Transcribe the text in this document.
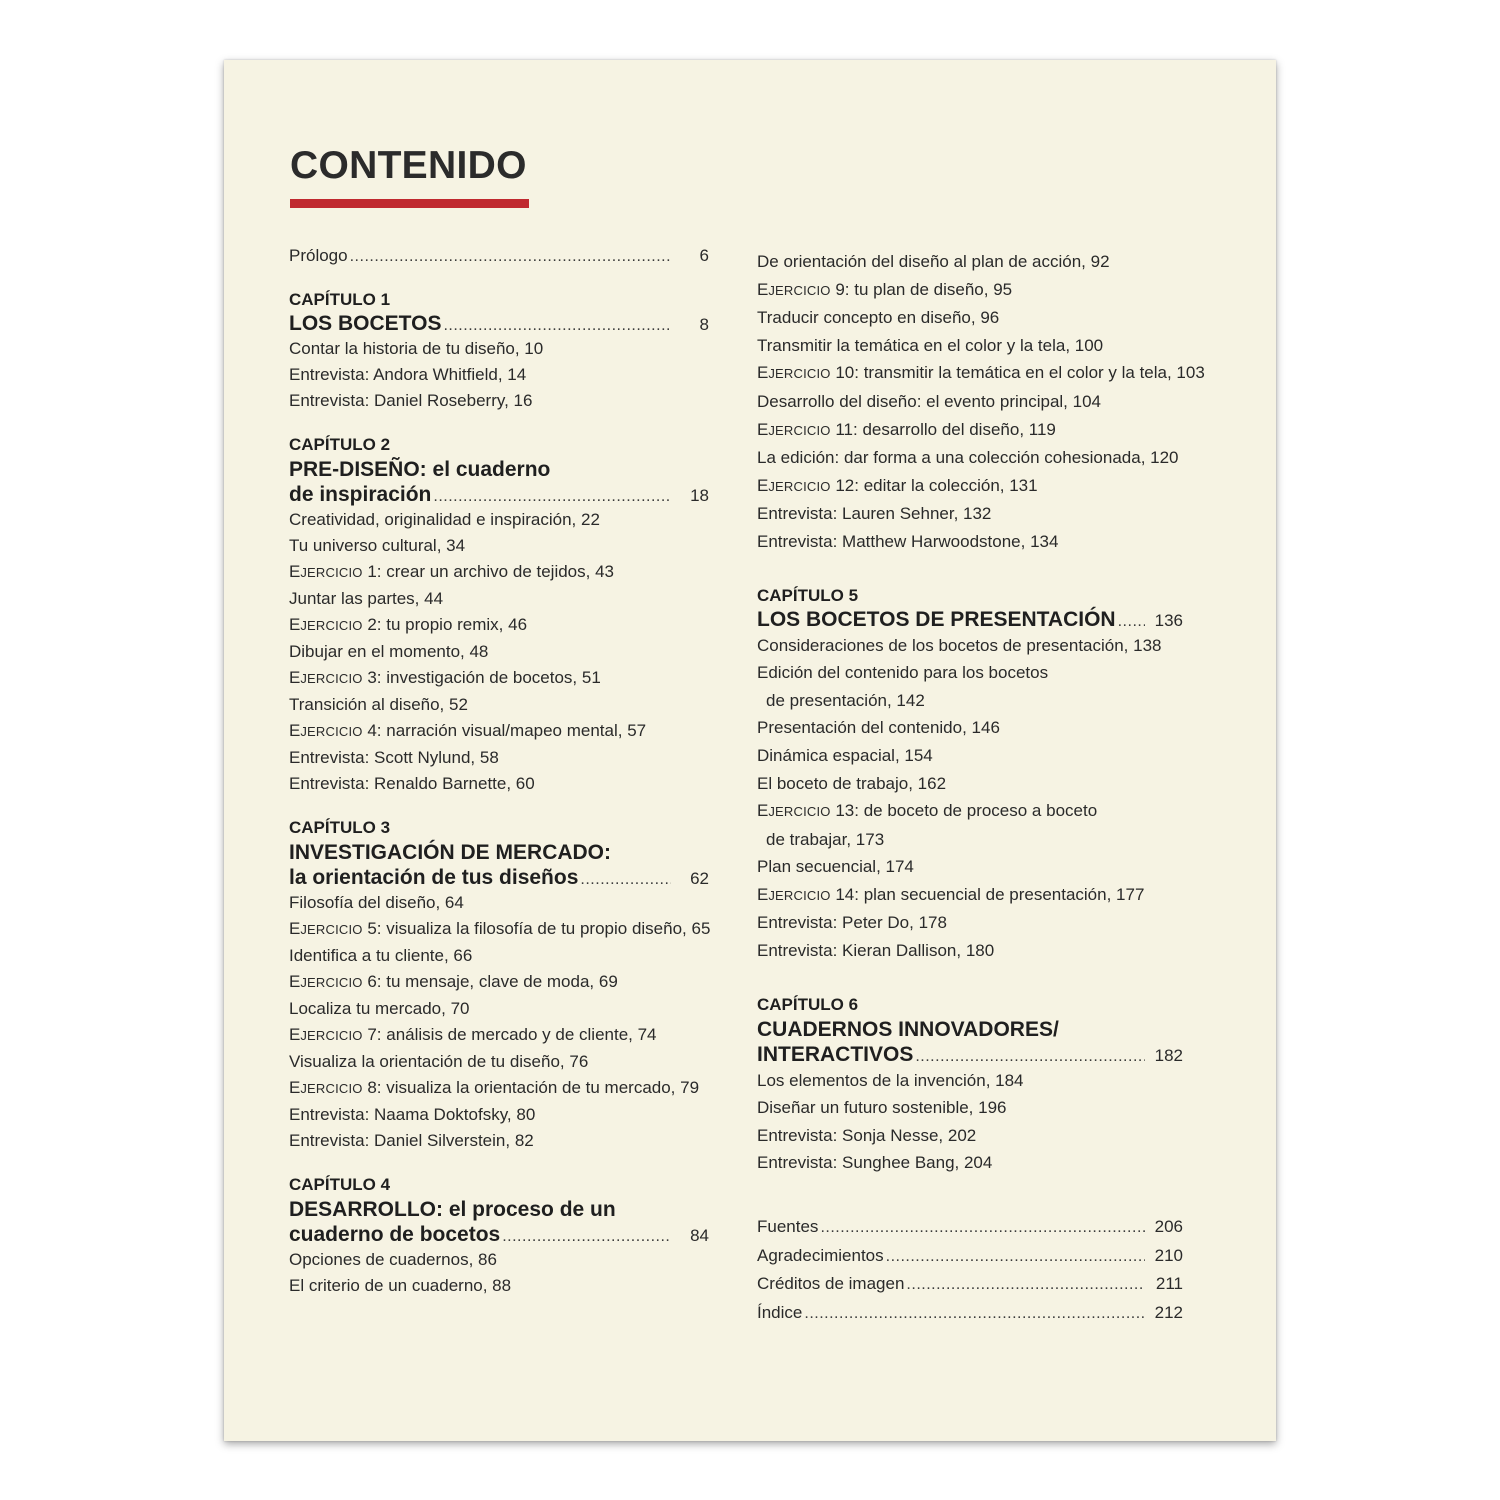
CONTENIDO
Prólogo .....	6
CAPÍTULO 1
LOS BOCETOS .....	8
Contar la historia de tu diseño, 10
Entrevista: Andora Whitfield, 14
Entrevista: Daniel Roseberry, 16
CAPÍTULO 2
PRE-DISEÑO: el cuaderno
de inspiración .....	18
Creatividad, originalidad e inspiración, 22
Tu universo cultural, 34
EJERCICIO 1: crear un archivo de tejidos, 43
Juntar las partes, 44
EJERCICIO 2: tu propio remix, 46
Dibujar en el momento, 48
EJERCICIO 3: investigación de bocetos, 51
Transición al diseño, 52
EJERCICIO 4: narración visual/mapeo mental, 57
Entrevista: Scott Nylund, 58
Entrevista: Renaldo Barnette, 60
CAPÍTULO 3
INVESTIGACIÓN DE MERCADO:
la orientación de tus diseños .....	62
Filosofía del diseño, 64
EJERCICIO 5: visualiza la filosofía de tu propio diseño, 65
Identifica a tu cliente, 66
EJERCICIO 6: tu mensaje, clave de moda, 69
Localiza tu mercado, 70
EJERCICIO 7: análisis de mercado y de cliente, 74
Visualiza la orientación de tu diseño, 76
EJERCICIO 8: visualiza la orientación de tu mercado, 79
Entrevista: Naama Doktofsky, 80
Entrevista: Daniel Silverstein, 82
CAPÍTULO 4
DESARROLLO: el proceso de un
cuaderno de bocetos .....	84
Opciones de cuadernos, 86
El criterio de un cuaderno, 88
De orientación del diseño al plan de acción, 92
EJERCICIO 9: tu plan de diseño, 95
Traducir concepto en diseño, 96
Transmitir la temática en el color y la tela, 100
EJERCICIO 10: transmitir la temática en el color y la tela, 103
Desarrollo del diseño: el evento principal, 104
EJERCICIO 11: desarrollo del diseño, 119
La edición: dar forma a una colección cohesionada, 120
EJERCICIO 12: editar la colección, 131
Entrevista: Lauren Sehner, 132
Entrevista: Matthew Harwoodstone, 134
CAPÍTULO 5
LOS BOCETOS DE PRESENTACIÓN .....	136
Consideraciones de los bocetos de presentación, 138
Edición del contenido para los bocetos
de presentación, 142
Presentación del contenido, 146
Dinámica espacial, 154
El boceto de trabajo, 162
EJERCICIO 13: de boceto de proceso a boceto
de trabajar, 173
Plan secuencial, 174
EJERCICIO 14: plan secuencial de presentación, 177
Entrevista: Peter Do, 178
Entrevista: Kieran Dallison, 180
CAPÍTULO 6
CUADERNOS INNOVADORES/
INTERACTIVOS .....	182
Los elementos de la invención, 184
Diseñar un futuro sostenible, 196
Entrevista: Sonja Nesse, 202
Entrevista: Sunghee Bang, 204
Fuentes .....	206
Agradecimientos .....	210
Créditos de imagen .....	211
Índice .....	212
